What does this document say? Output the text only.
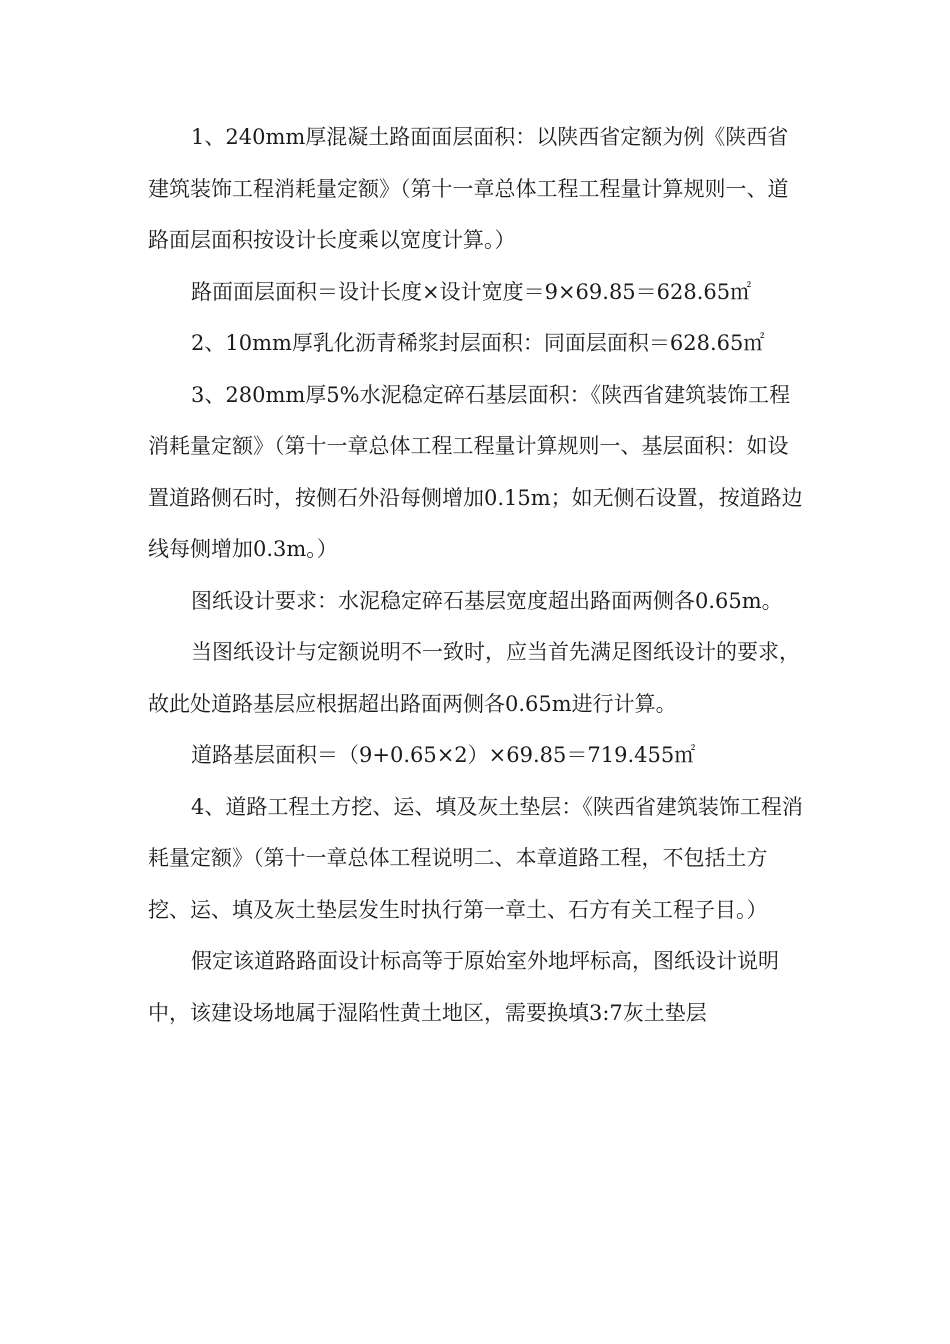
1、240mm厚混凝土路面面层面积：以陕西省定额为例《陕西省建筑装饰工程消耗量定额》（第十一章总体工程工程量计算规则一、道路面层面积按设计长度乘以宽度计算。）

路面面层面积＝设计长度×设计宽度＝9×69.85＝628.65㎡

2、10mm厚乳化沥青稀浆封层面积：同面层面积＝628.65㎡

3、280mm厚5%水泥稳定碎石基层面积：《陕西省建筑装饰工程消耗量定额》（第十一章总体工程工程量计算规则一、基层面积：如设置道路侧石时，按侧石外沿每侧增加0.15m；如无侧石设置，按道路边线每侧增加0.3m。）

图纸设计要求：水泥稳定碎石基层宽度超出路面两侧各0.65m。

当图纸设计与定额说明不一致时，应当首先满足图纸设计的要求，故此处道路基层应根据超出路面两侧各0.65m进行计算。

道路基层面积＝（9+0.65×2）×69.85＝719.455㎡

4、道路工程土方挖、运、填及灰土垫层：《陕西省建筑装饰工程消耗量定额》（第十一章总体工程说明二、本章道路工程，不包括土方挖、运、填及灰土垫层发生时执行第一章土、石方有关工程子目。）

假定该道路路面设计标高等于原始室外地坪标高，图纸设计说明中，该建设场地属于湿陷性黄土地区，需要换填3:7灰土垫层
